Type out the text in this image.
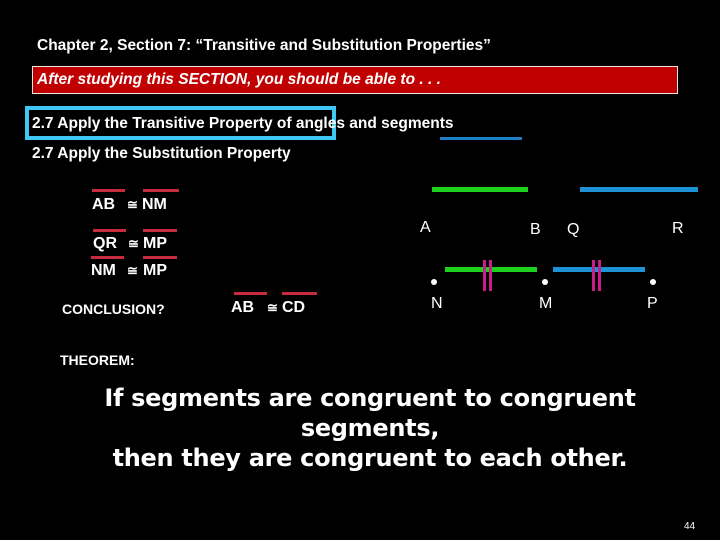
Chapter 2, Section 7: “Transitive and Substitution Properties”
After studying this SECTION, you should be able to . . .
2.7 Apply the Transitive Property of angles and segments
2.7 Apply the Substitution Property
AB ≅ NM
QR ≅ MP
NM ≅ MP
CONCLUSION?	AB ≅ CD
A	B Q	R
N	M	P
THEOREM:
If segments are congruent to congruent segments,
then they are congruent to each other.
44
